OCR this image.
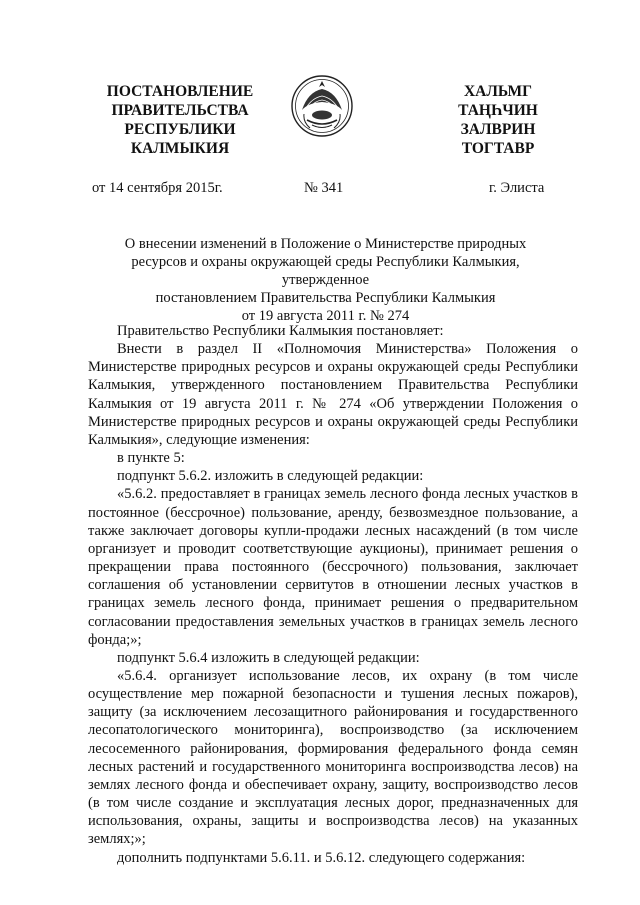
ПОСТАНОВЛЕНИЕ
ПРАВИТЕЛЬСТВА
РЕСПУБЛИКИ
КАЛМЫКИЯ
ХАЛЬМГ
ТАҢҺЧИН
ЗАЛВРИН
ТОГТАВР
от 14 сентября 2015г.	№ 341	г. Элиста
О внесении изменений в Положение о Министерстве природных
ресурсов и охраны окружающей среды Республики Калмыкия, утвержденное
постановлением Правительства Республики Калмыкия
от 19 августа 2011 г. № 274

Правительство Республики Калмыкия постановляет:

Внести в раздел II «Полномочия Министерства» Положения о Министерстве природных ресурсов и охраны окружающей среды Республики Калмыкия, утвержденного постановлением Правительства Республики Калмыкия от 19 августа 2011 г. № 274 «Об утверждении Положения о Министерстве природных ресурсов и охраны окружающей среды Республики Калмыкия», следующие изменения:

в пункте 5:

подпункт 5.6.2. изложить в следующей редакции:

«5.6.2. предоставляет в границах земель лесного фонда лесных участков в постоянное (бессрочное) пользование, аренду, безвозмездное пользование, а также заключает договоры купли-продажи лесных насаждений (в том числе организует и проводит соответствующие аукционы), принимает решения о прекращении права постоянного (бессрочного) пользования, заключает соглашения об установлении сервитутов в отношении лесных участков в границах земель лесного фонда, принимает решения о предварительном согласовании предоставления земельных участков в границах земель лесного фонда;»;

подпункт 5.6.4 изложить в следующей редакции:

«5.6.4. организует использование лесов, их охрану (в том числе осуществление мер пожарной безопасности и тушения лесных пожаров), защиту (за исключением лесозащитного районирования и государственного лесопатологического мониторинга), воспроизводство (за исключением лесосеменного районирования, формирования федерального фонда семян лесных растений и государственного мониторинга воспроизводства лесов) на землях лесного фонда и обеспечивает охрану, защиту, воспроизводство лесов (в том числе создание и эксплуатация лесных дорог, предназначенных для использования, охраны, защиты и воспроизводства лесов) на указанных землях;»;

дополнить подпунктами 5.6.11. и 5.6.12. следующего содержания:
